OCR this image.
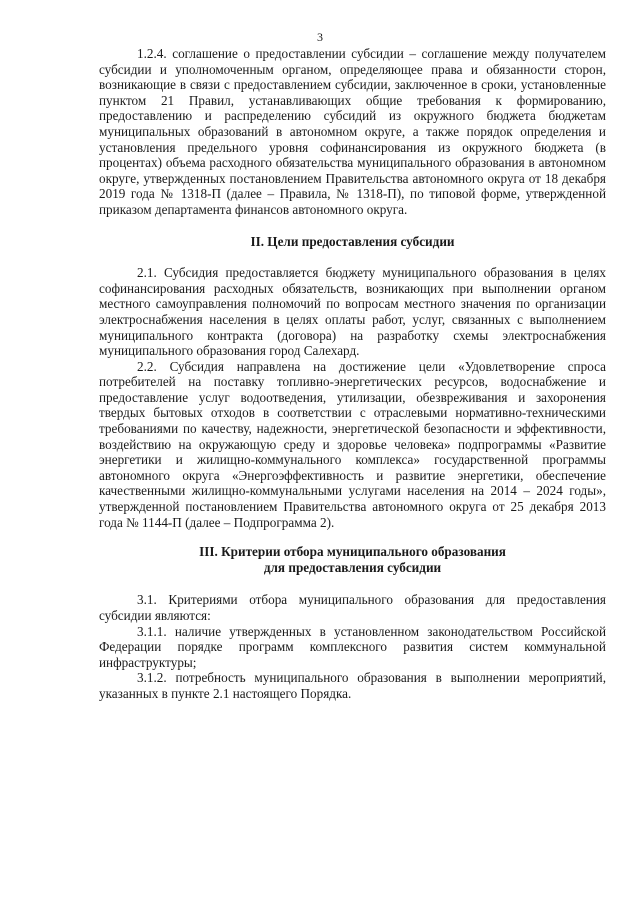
3

1.2.4. соглашение о предоставлении субсидии – соглашение между получателем субсидии и уполномоченным органом, определяющее права и обязанности сторон, возникающие в связи с предоставлением субсидии, заключенное в сроки, установленные пунктом 21 Правил, устанавливающих общие требования к формированию, предоставлению и распределению субсидий из окружного бюджета бюджетам муниципальных образований в автономном округе, а также порядок определения и установления предельного уровня софинансирования из окружного бюджета (в процентах) объема расходного обязательства муниципального образования в автономном округе, утвержденных постановлением Правительства автономного округа от 18 декабря 2019 года № 1318-П (далее – Правила, № 1318-П), по типовой форме, утвержденной приказом департамента финансов автономного округа.

II. Цели предоставления субсидии

2.1. Субсидия предоставляется бюджету муниципального образования в целях софинансирования расходных обязательств, возникающих при выполнении органом местного самоуправления полномочий по вопросам местного значения по организации электроснабжения населения в целях оплаты работ, услуг, связанных с выполнением муниципального контракта (договора) на разработку схемы электроснабжения муниципального образования город Салехард.

2.2. Субсидия направлена на достижение цели «Удовлетворение спроса потребителей на поставку топливно-энергетических ресурсов, водоснабжение и предоставление услуг водоотведения, утилизации, обезвреживания и захоронения твердых бытовых отходов в соответствии с отраслевыми нормативно-техническими требованиями по качеству, надежности, энергетической безопасности и эффективности, воздействию на окружающую среду и здоровье человека» подпрограммы «Развитие энергетики и жилищно-коммунального комплекса» государственной программы автономного округа «Энергоэффективность и развитие энергетики, обеспечение качественными жилищно-коммунальными услугами населения на 2014 – 2024 годы», утвержденной постановлением Правительства автономного округа от 25 декабря 2013 года № 1144-П (далее – Подпрограмма 2).

III. Критерии отбора муниципального образования
для предоставления субсидии

3.1. Критериями отбора муниципального образования для предоставления субсидии являются:

3.1.1. наличие утвержденных в установленном законодательством Российской Федерации порядке программ комплексного развития систем коммунальной инфраструктуры;

3.1.2. потребность муниципального образования в выполнении мероприятий, указанных в пункте 2.1 настоящего Порядка.
